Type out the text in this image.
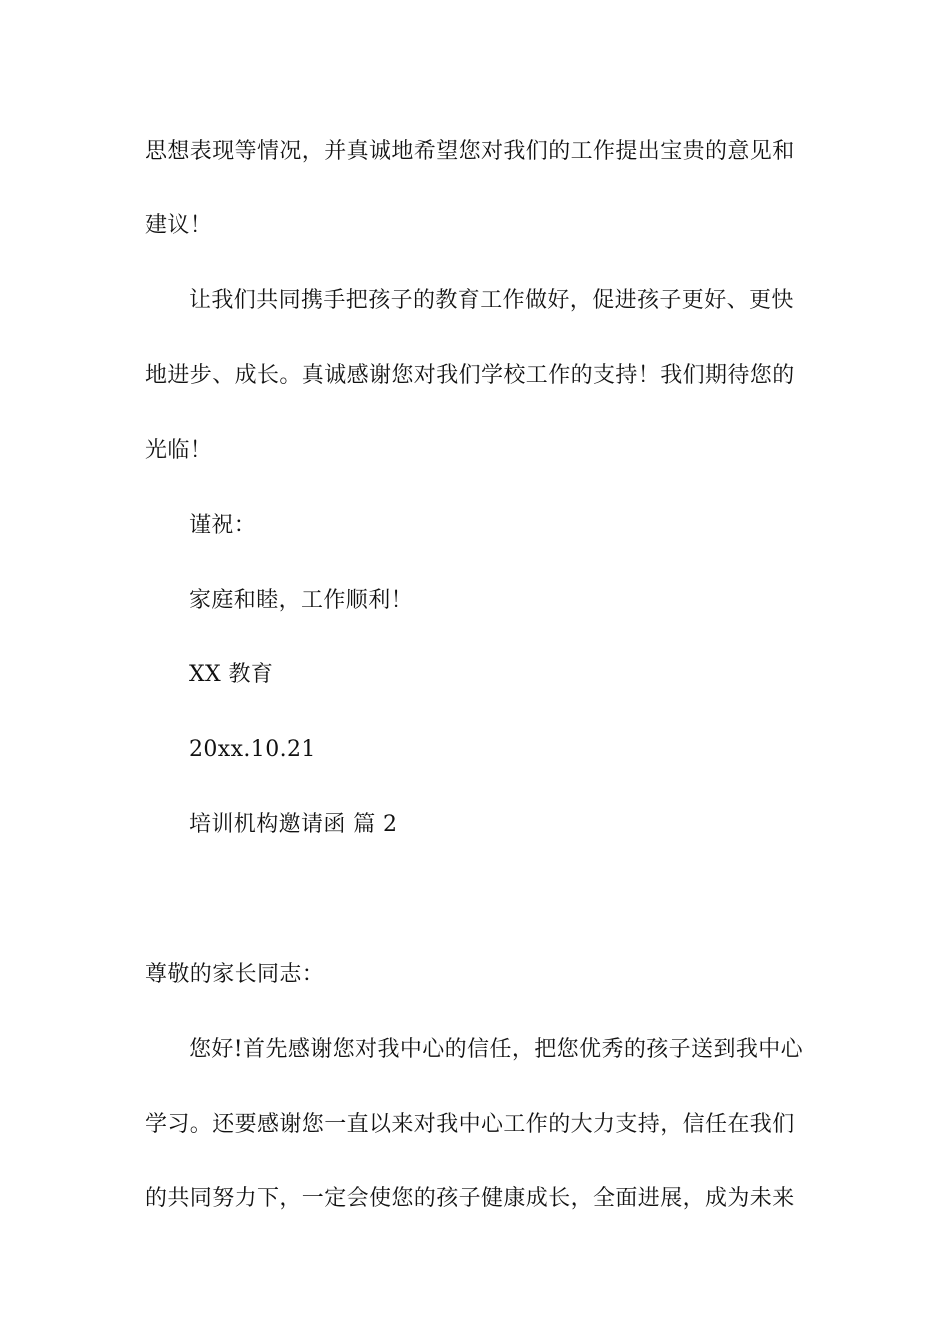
思想表现等情况，并真诚地希望您对我们的工作提出宝贵的意见和
建议！
让我们共同携手把孩子的教育工作做好，促进孩子更好、更快
地进步、成长。真诚感谢您对我们学校工作的支持！我们期待您的
光临！
谨祝：
家庭和睦，工作顺利！
XX 教育
20xx.10.21
培训机构邀请函 篇 2
尊敬的家长同志：
您好!首先感谢您对我中心的信任，把您优秀的孩子送到我中心
学习。还要感谢您一直以来对我中心工作的大力支持，信任在我们
的共同努力下，一定会使您的孩子健康成长，全面进展，成为未来
